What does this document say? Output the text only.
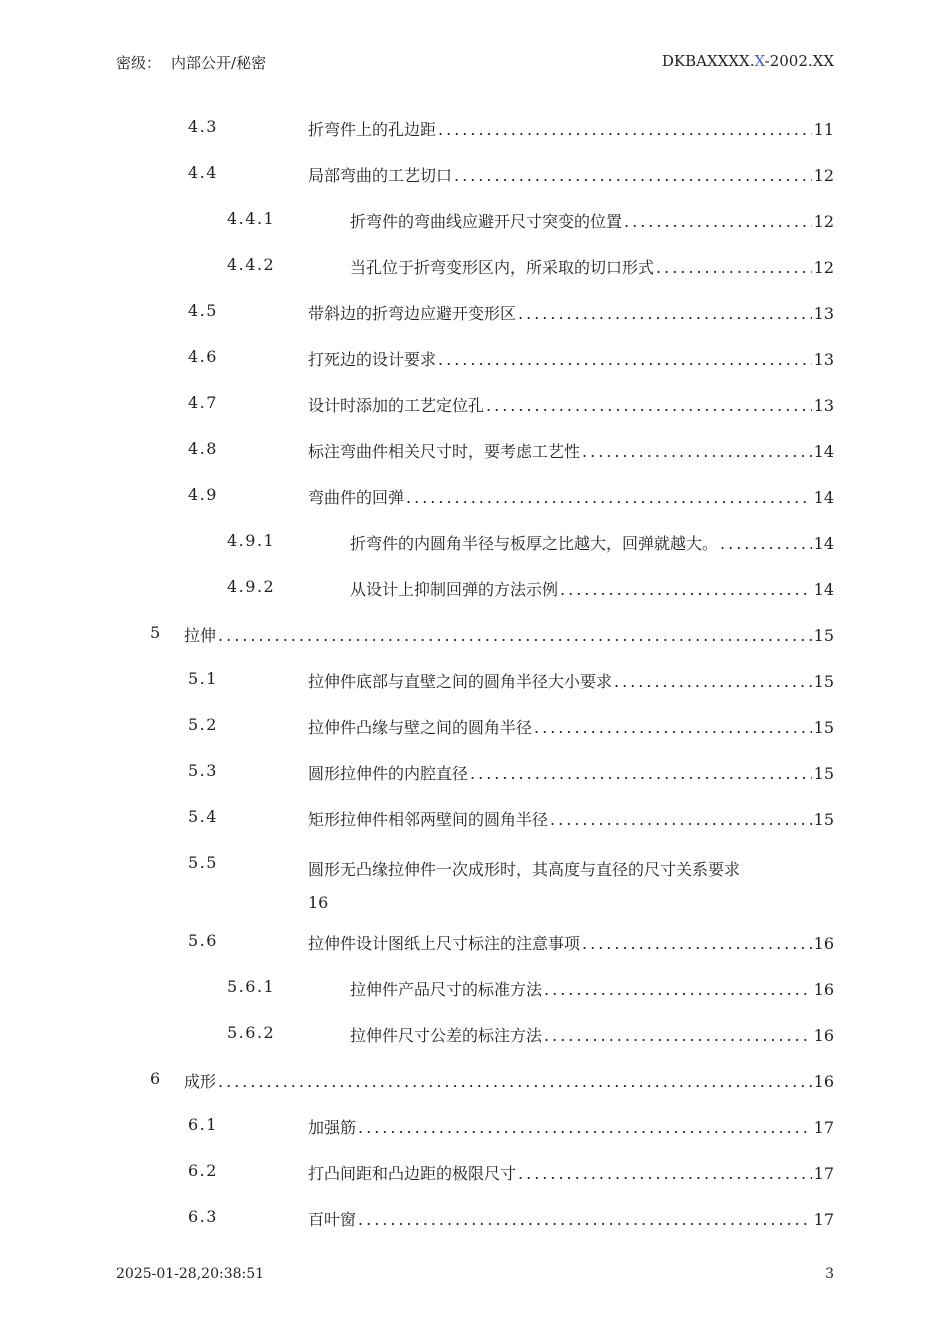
密级： 内部公开/秘密	DKBAXXXX.X-2002.XX
4.3	折弯件上的孔边距 .....	11
4.4	局部弯曲的工艺切口 .....	12
4.4.1	折弯件的弯曲线应避开尺寸突变的位置 .....	12
4.4.2	当孔位于折弯变形区内，所采取的切口形式 .....	12
4.5	带斜边的折弯边应避开变形区 .....	13
4.6	打死边的设计要求 .....	13
4.7	设计时添加的工艺定位孔 .....	13
4.8	标注弯曲件相关尺寸时，要考虑工艺性 .....	14
4.9	弯曲件的回弹 .....	14
4.9.1	折弯件的内圆角半径与板厚之比越大，回弹就越大。 .....	14
4.9.2	从设计上抑制回弹的方法示例 .....	14
5 拉伸 .....	15
5.1	拉伸件底部与直壁之间的圆角半径大小要求 .....	15
5.2	拉伸件凸缘与壁之间的圆角半径 .....	15
5.3	圆形拉伸件的内腔直径 .....	15
5.4	矩形拉伸件相邻两壁间的圆角半径 .....	15
5.5	圆形无凸缘拉伸件一次成形时，其高度与直径的尺寸关系要求
16
5.6	拉伸件设计图纸上尺寸标注的注意事项 .....	16
5.6.1	拉伸件产品尺寸的标准方法 .....	16
5.6.2	拉伸件尺寸公差的标注方法 .....	16
6 成形 .....	16
6.1	加强筋 .....	17
6.2	打凸间距和凸边距的极限尺寸 .....	17
6.3	百叶窗 .....	17
2025-01-28,20:38:51	3
